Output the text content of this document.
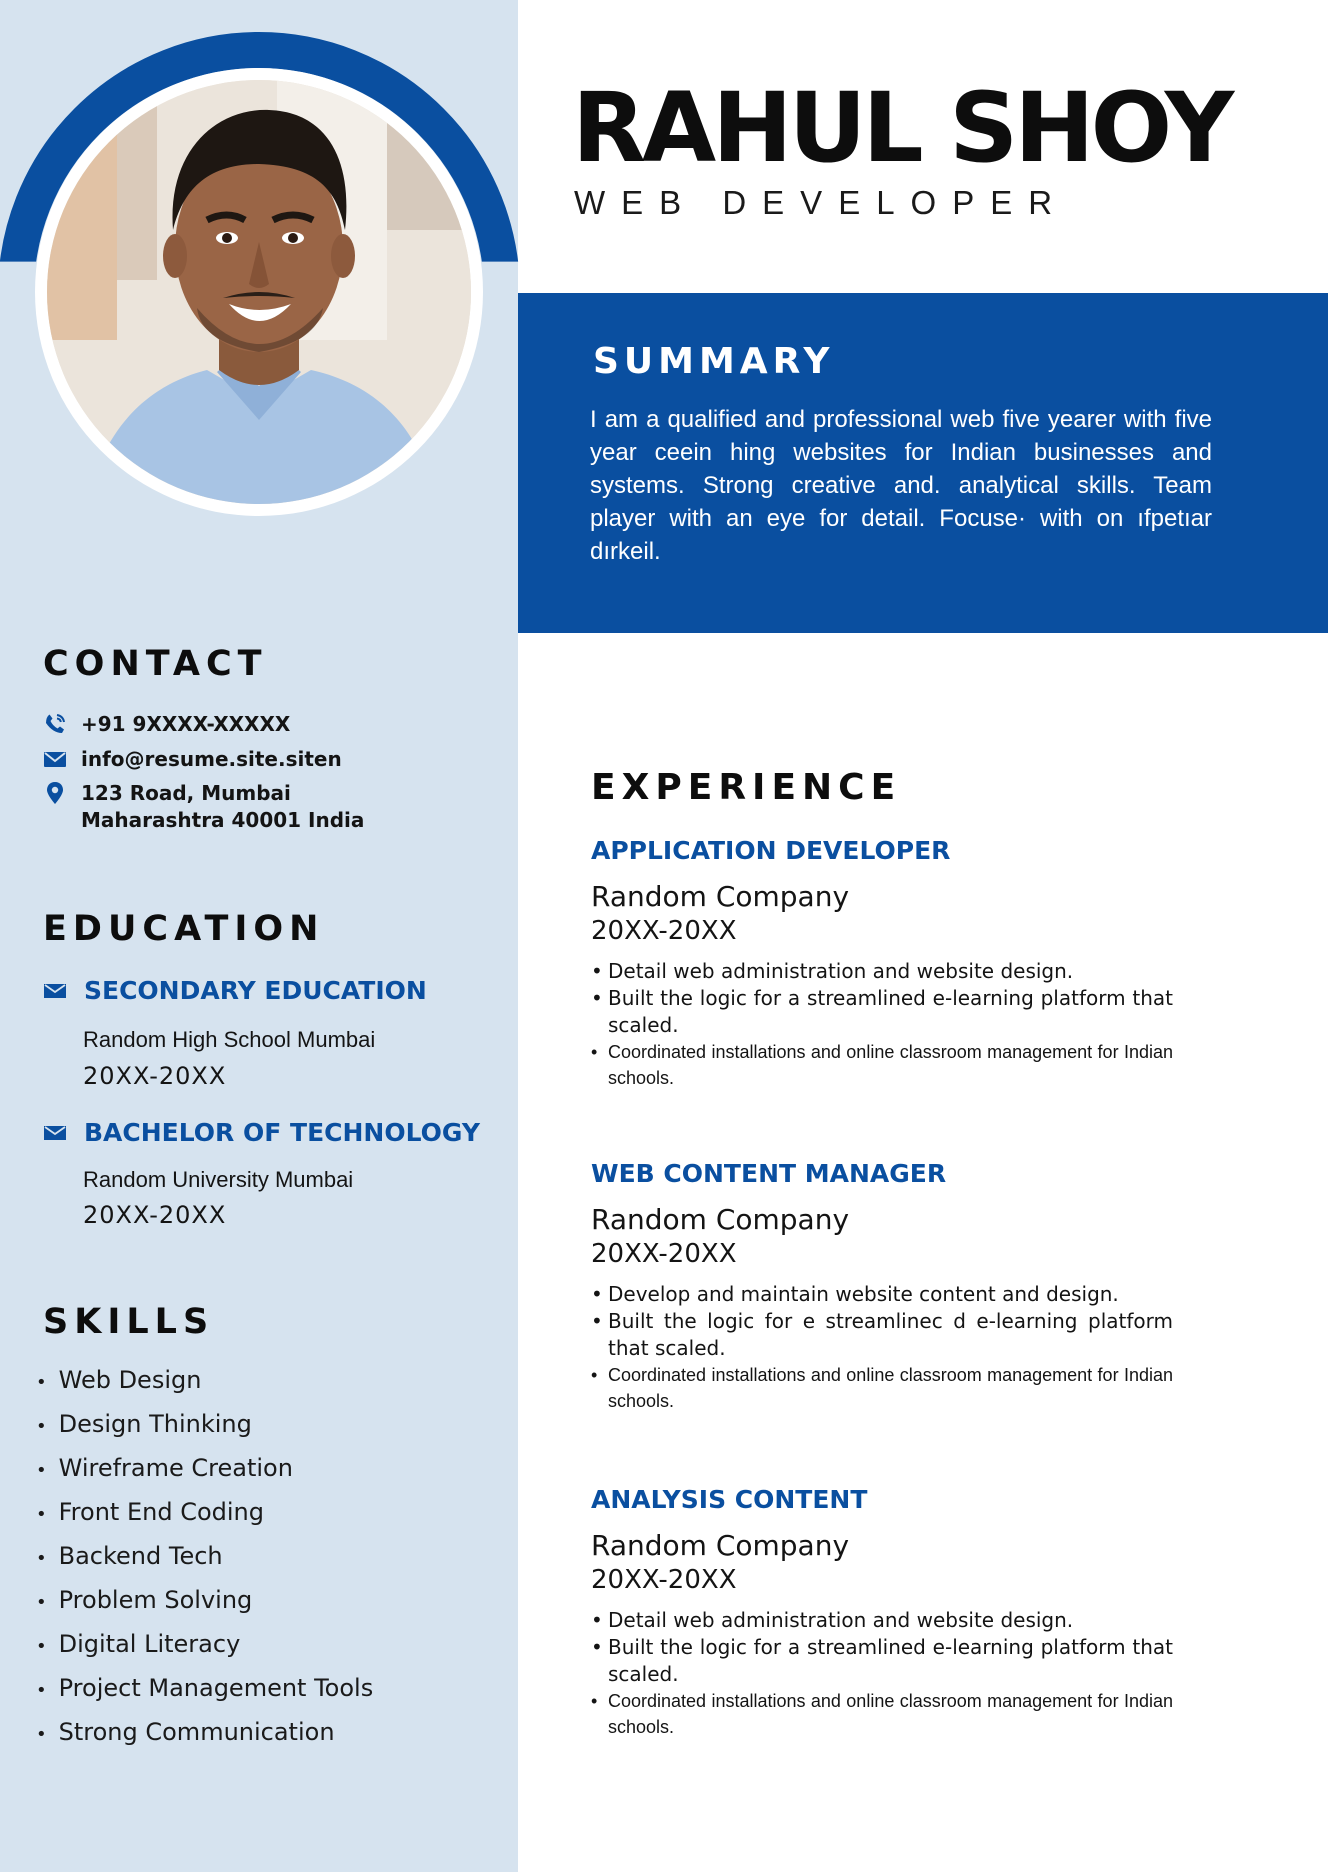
RAHUL SHOY
WEB DEVELOPER
SUMMARY
I am a qualified and professional web five yearer with five year ceein hing websites for Indian businesses and systems. Strong creative and. analytical skills. Team player with an eye for detail. Focuse· with on ıfpetıar dırkeil.
CONTACT
+91 9XXXX-XXXXX
info@resume.site.siten
123 Road, Mumbai
Maharashtra 40001 India
EDUCATION
SECONDARY EDUCATION
Random High School Mumbai
20XX-20XX
BACHELOR OF TECHNOLOGY
Random University Mumbai
20XX-20XX
SKILLS
• Web Design
• Design Thinking
• Wireframe Creation
• Front End Coding
• Backend Tech
• Problem Solving
• Digital Literacy
• Project Management Tools
• Strong Communication
EXPERIENCE
APPLICATION DEVELOPER
Random Company
20XX-20XX
• Detail web administration and website design.
• Built the logic for a streamlined e-learning platform that scaled.
• Coordinated installations and online classroom management for Indian schools.
WEB CONTENT MANAGER
Random Company
20XX-20XX
• Develop and maintain website content and design.
• Built the logic for e streamlinec d e-learning platform that scaled.
• Coordinated installations and online classroom management for Indian schools.
ANALYSIS CONTENT
Random Company
20XX-20XX
• Detail web administration and website design.
• Built the logic for a streamlined e-learning platform that scaled.
• Coordinated installations and online classroom management for Indian schools.
